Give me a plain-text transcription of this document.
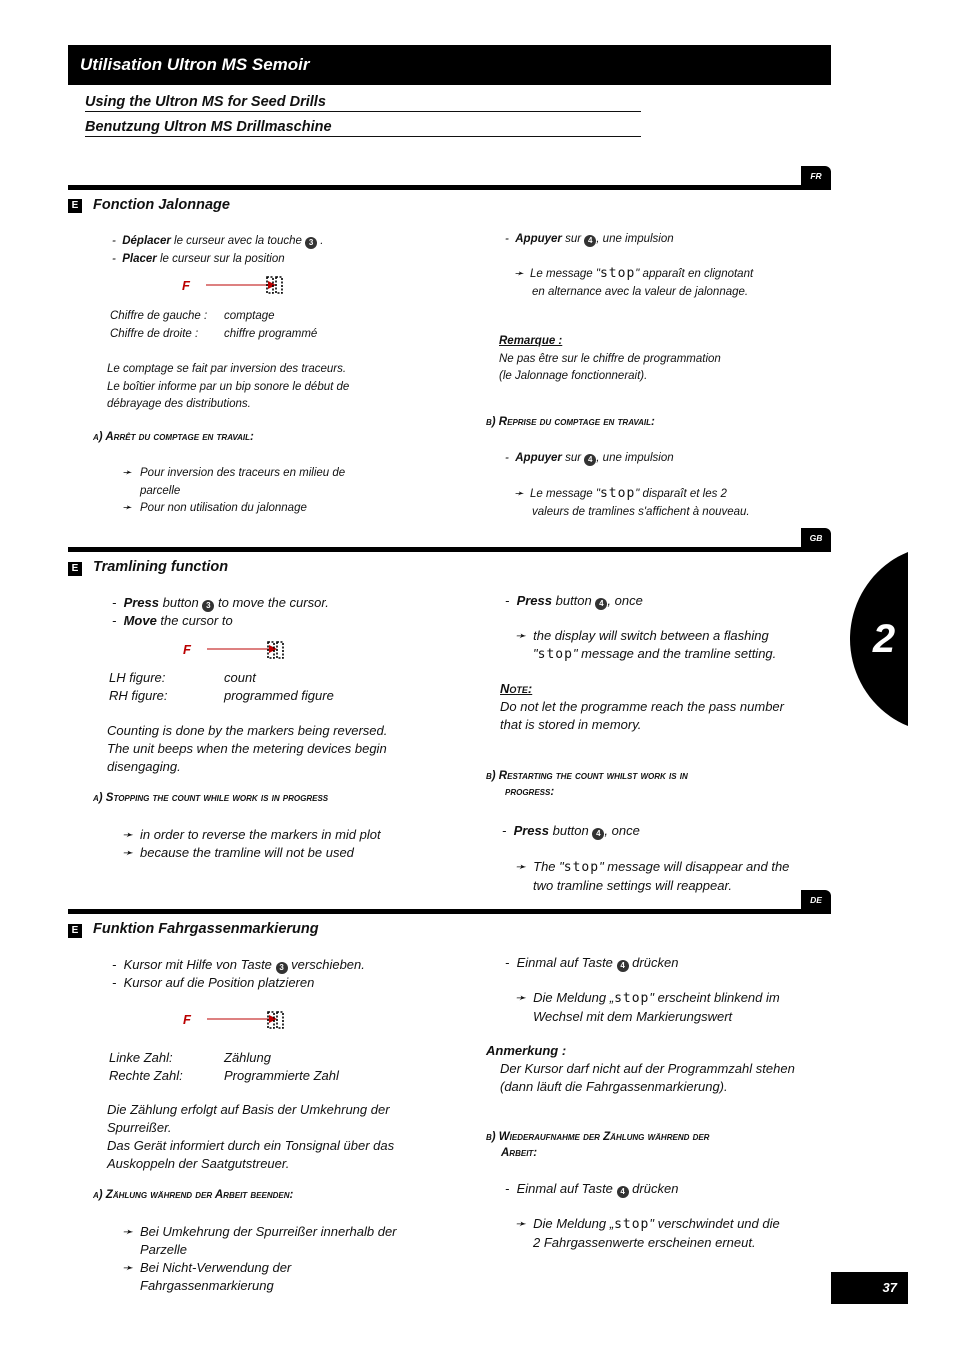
Utilisation Ultron MS Semoir
Using the Ultron MS for Seed Drills
Benutzung Ultron MS Drillmaschine
2
FR
E Fonction Jalonnage
-  Déplacer le curseur avec la touche 3 .
-  Placer le curseur sur la position
F
Chiffre de gauche : comptage
Chiffre de droite : chiffre programmé
Le comptage se fait par inversion des traceurs.
Le boîtier informe par un bip sonore le début de
débrayage des distributions.
a) Arrêt du comptage en travail:
➛ Pour inversion des traceurs en milieu de parcelle
➛ Pour non utilisation du jalonnage
-  Appuyer sur 4 , une impulsion
➛  Le message "stop" apparaît en clignotant
en alternance avec la valeur de jalonnage.
Remarque :
Ne pas être sur le chiffre de programmation
(le Jalonnage fonctionnerait).
b) Reprise du comptage en travail:
-  Appuyer sur 4 , une impulsion
➛  Le message "stop" disparaît et les 2
valeurs de tramlines s'affichent à nouveau.
GB
E Tramlining function
-  Press button 3 to move the cursor.
-  Move the cursor to
F
LH figure:	count
RH figure:	programmed figure
Counting is done by the markers being reversed.
The unit beeps when the metering devices begin
disengaging.
a) Stopping the count while work is in progress
➛ in order to reverse the markers in mid plot
➛ because the tramline will not be used
-  Press button 4 , once
➛  the display will switch between a flashing
"stop" message and the tramline setting.
Note:
Do not let the programme reach the pass number
that is stored in memory.
b) Restarting the count whilst work is in
progress:
-  Press button 4 , once
➛  The "stop" message will disappear and the
two tramline settings will reappear.
DE
E Funktion Fahrgassenmarkierung
-  Kursor mit Hilfe von Taste 3 verschieben.
-  Kursor auf die Position platzieren
F
Linke Zahl:	Zählung
Rechte Zahl:	Programmierte Zahl
Die Zählung erfolgt auf Basis der Umkehrung der
Spurreißer.
Das Gerät informiert durch ein Tonsignal über das
Auskoppeln der Saatgutstreuer.
a) Zählung während der Arbeit beenden:
➛ Bei Umkehrung der Spurreißer innerhalb der Parzelle
➛ Bei Nicht-Verwendung der Fahrgassenmarkierung
-  Einmal auf Taste 4 drücken
➛  Die Meldung „stop" erscheint blinkend im
Wechsel mit dem Markierungswert
Anmerkung :
Der Kursor darf nicht auf der Programmzahl stehen
(dann läuft die Fahrgassenmarkierung).
b) Wiederaufnahme der Zählung während der
Arbeit:
-  Einmal auf Taste 4 drücken
➛  Die Meldung „stop" verschwindet und die
2 Fahrgassenwerte erscheinen erneut.
37
